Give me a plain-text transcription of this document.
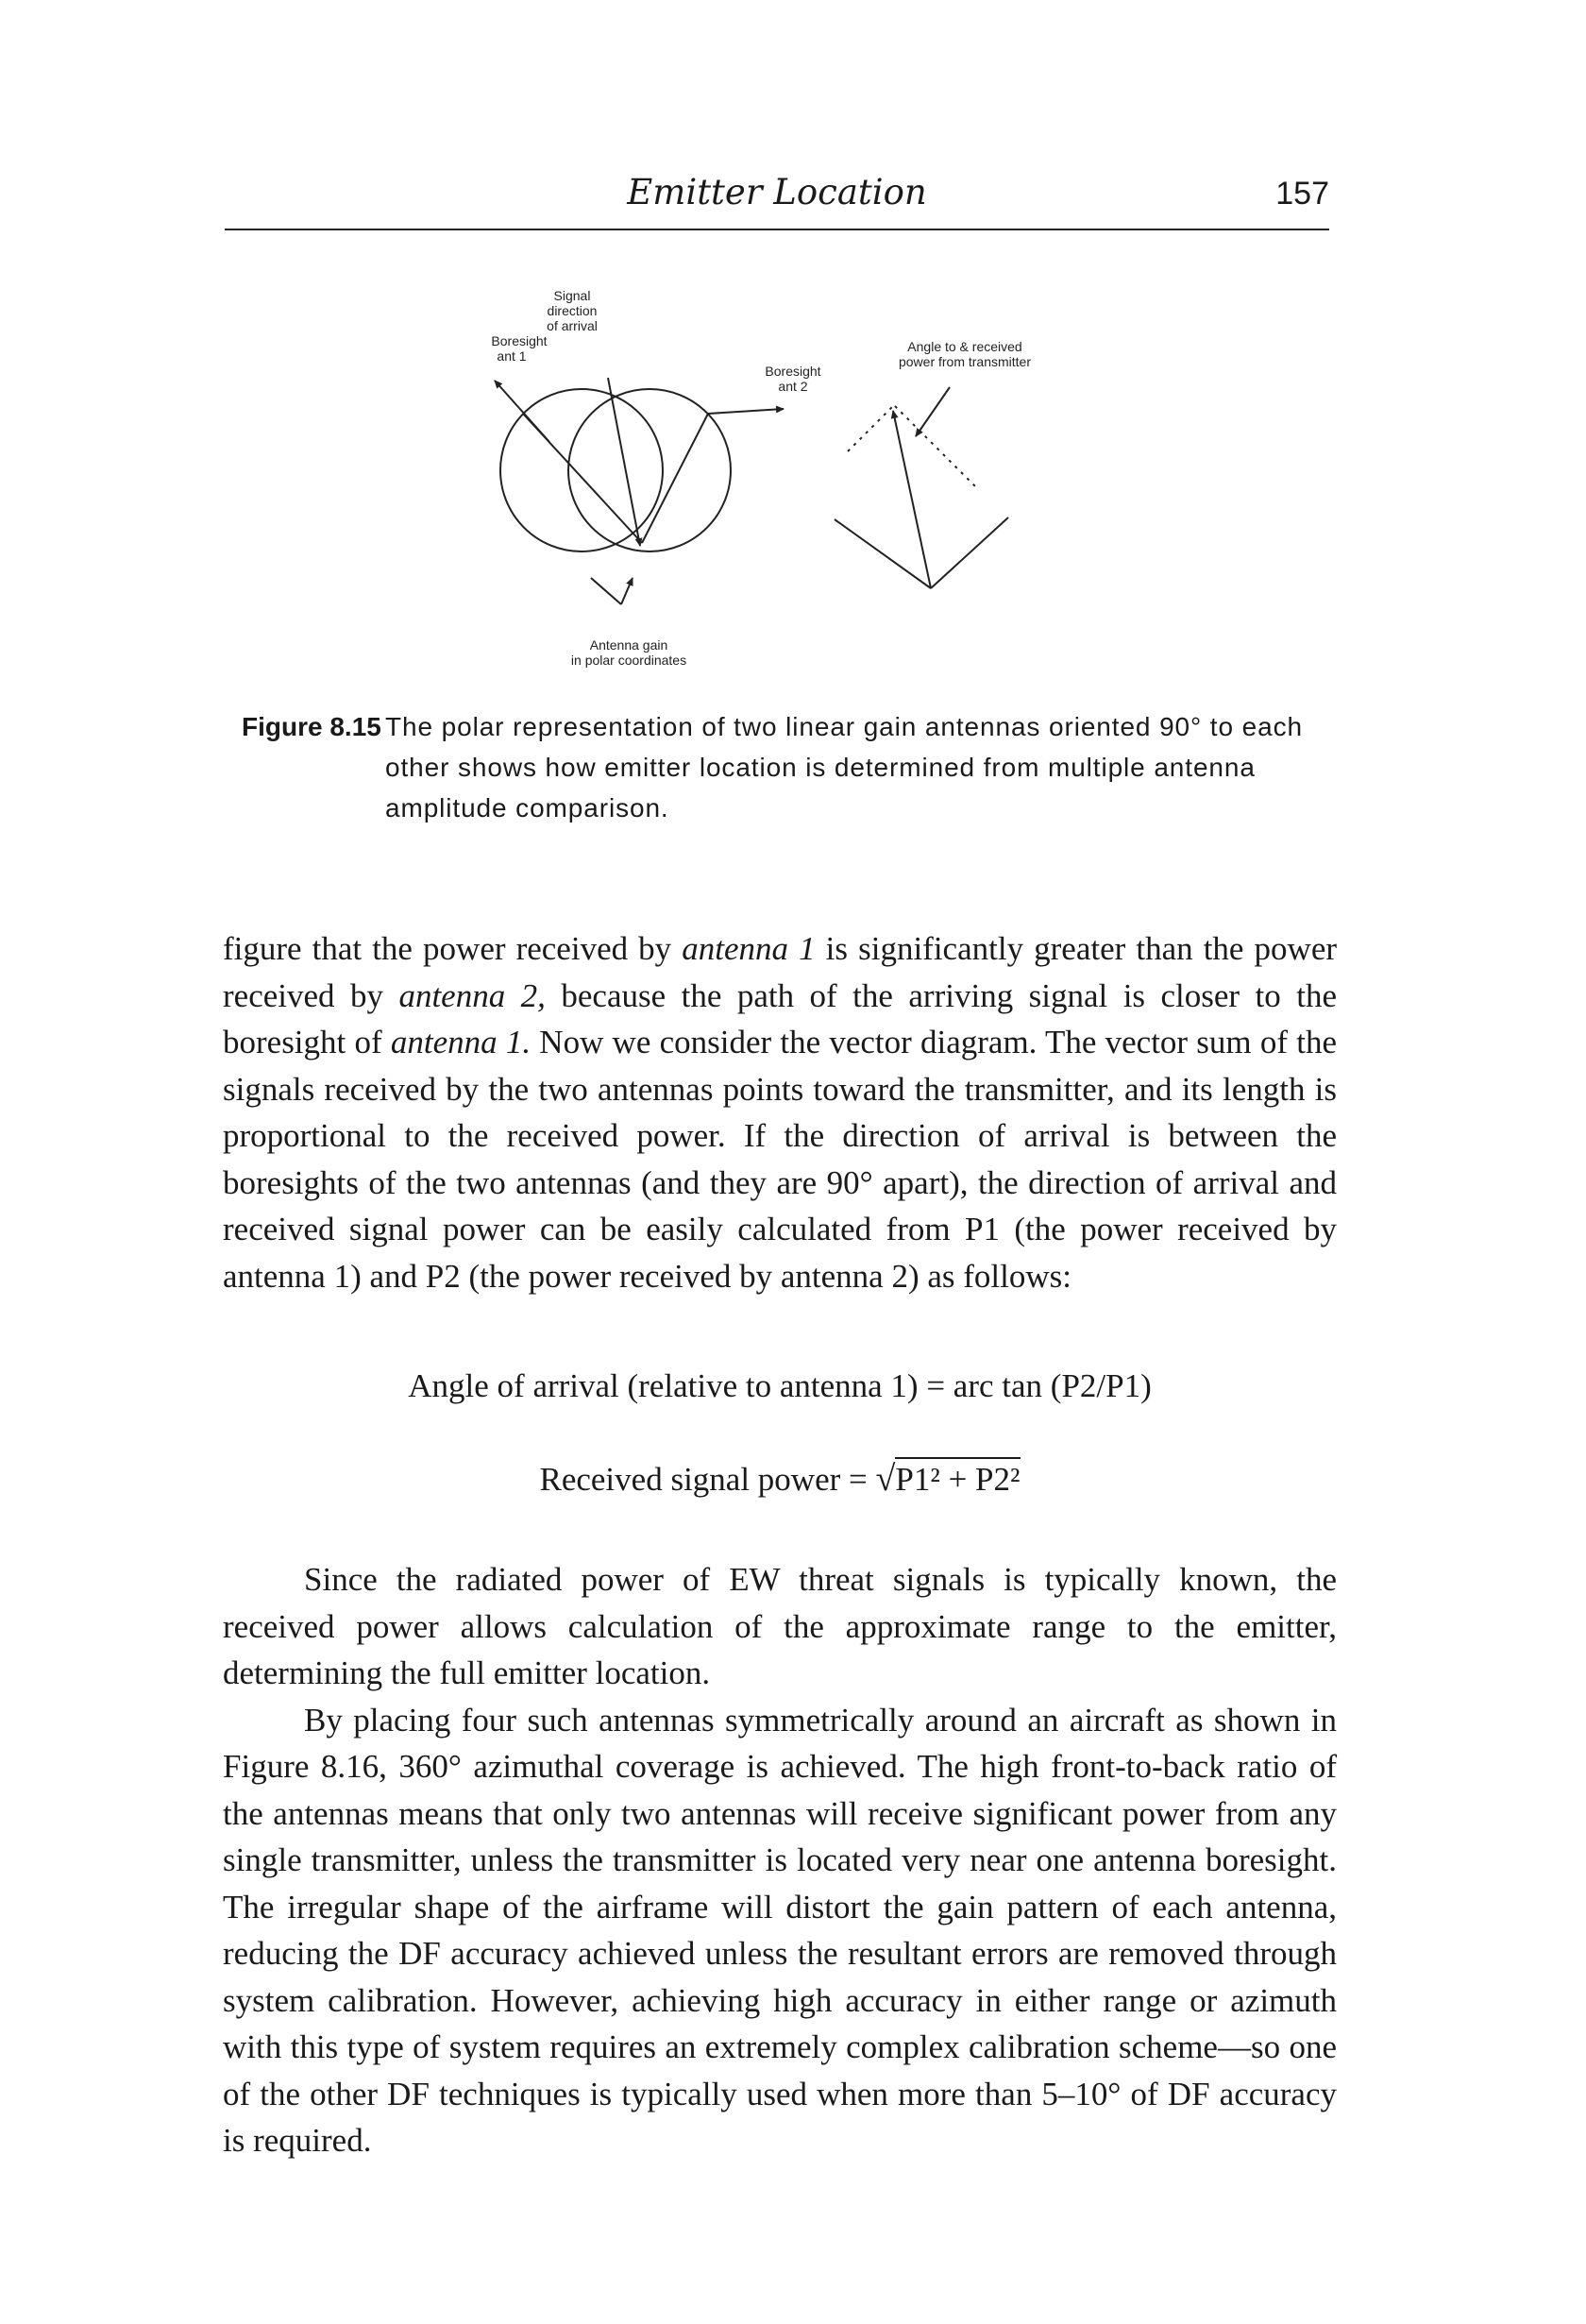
Emitter Location	157
Signal
direction
of arrival
Boresight
ant 1
Boresight
ant 2
Angle to & received
power from transmitter
Antenna gain
in polar coordinates
Figure 8.15 The polar representation of two linear gain antennas oriented 90° to each other shows how emitter location is determined from multiple antenna amplitude comparison.
figure that the power received by antenna 1 is significantly greater than the power received by antenna 2, because the path of the arriving signal is closer to the boresight of antenna 1. Now we consider the vector diagram. The vector sum of the signals received by the two antennas points toward the transmitter, and its length is proportional to the received power. If the direction of arrival is between the boresights of the two antennas (and they are 90° apart), the direction of arrival and received signal power can be easily calculated from P1 (the power received by antenna 1) and P2 (the power received by antenna 2) as follows:
Angle of arrival (relative to antenna 1) = arc tan (P2/P1)
Received signal power = √P1² + P2²

Since the radiated power of EW threat signals is typically known, the received power allows calculation of the approximate range to the emitter, determining the full emitter location.

By placing four such antennas symmetrically around an aircraft as shown in Figure 8.16, 360° azimuthal coverage is achieved. The high front-to-back ratio of the antennas means that only two antennas will receive significant power from any single transmitter, unless the transmitter is located very near one antenna boresight. The irregular shape of the airframe will distort the gain pattern of each antenna, reducing the DF accuracy achieved unless the resultant errors are removed through system calibration. However, achieving high accuracy in either range or azimuth with this type of system requires an extremely complex calibration scheme—so one of the other DF techniques is typically used when more than 5–10° of DF accuracy is required.
